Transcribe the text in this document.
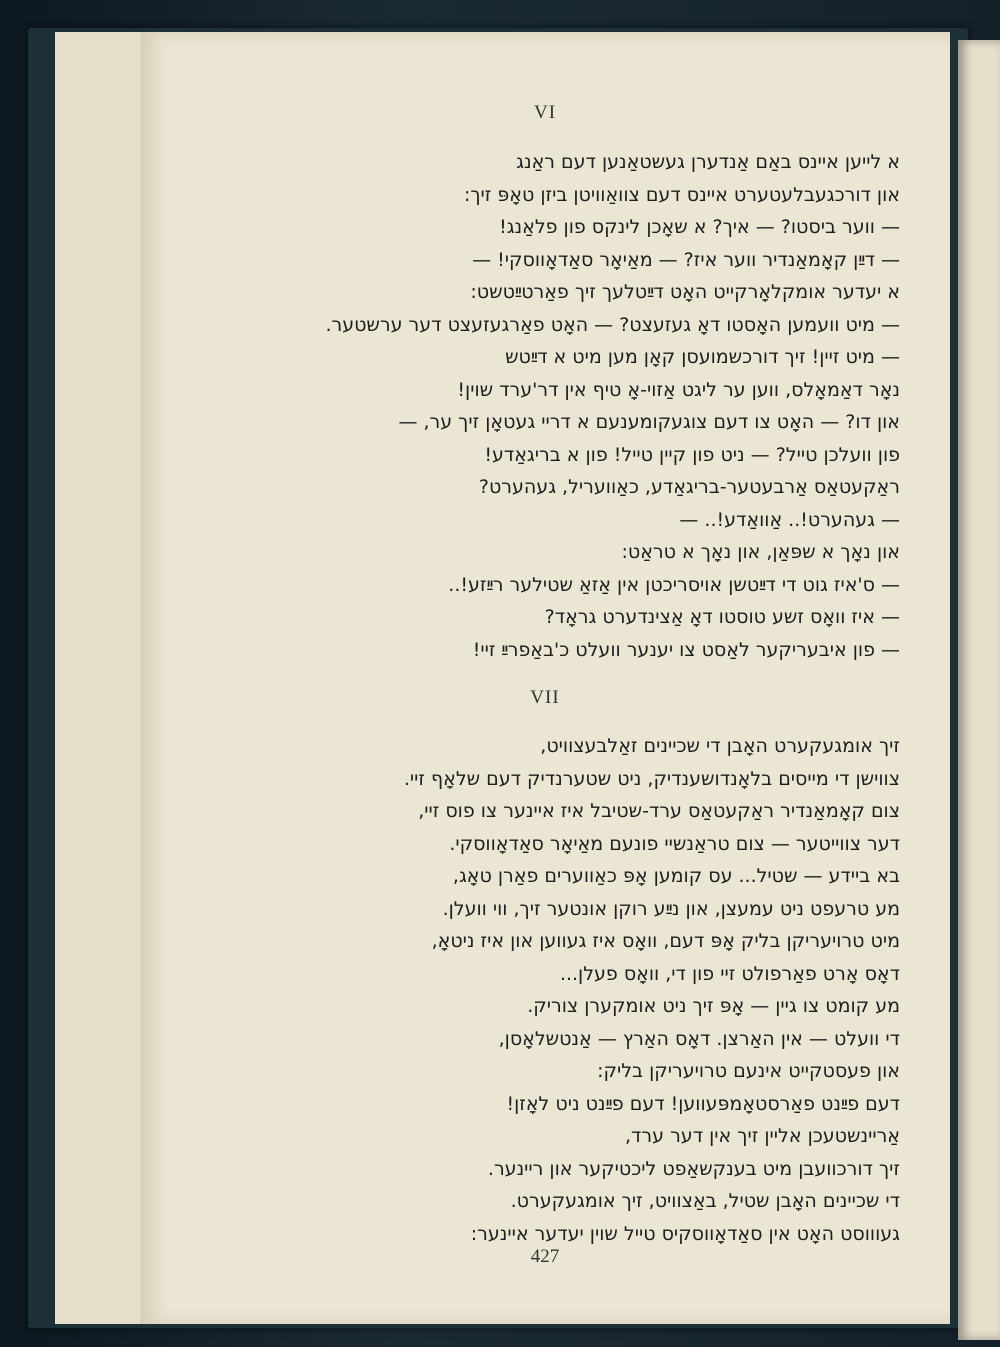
VI
א לייען איינס באַם אַנדערן געשטאַנען דעם ראַנג
און דורכגעבלעטערט איינס דעם צוואַוויטן ביזן טאָפּ זיך:
— ווער ביסטו? — איך? א שאָכן לינקס פון פלאַנג!
— דײַן קאָמאַנדיר ווער איז? — מאַיאָר סאַדאָווסקי! —
א יעדער אומקלאָרקייט האָט דײַטלעך זיך פאַרטײַטשט:
— מיט וועמען האָסטו דאָ געזעצט? — האָט פאַרגעזעצט דער ערשטער.
— מיט זיין! זיך דורכשמועסן קאָן מען מיט א דײַטש
נאָר דאַמאָלס, ווען ער ליגט אַזוי-אָ טיף אין דר'ערד שוין!
און דו? — האָט צו דעם צוגעקומענעם א דריי געטאָן זיך ער, —
פון וועלכן טייל? — ניט פון קיין טייל! פון א בריגאַדע!
ראַקעטאַס אַרבעטער-בריגאַדע, כאַוועריל, געהערט?
— געהערט!.. אַוואַדע!.. —
און נאָך א שפּאַן, און נאָך א טראַט:
— ס'איז גוט די דײַטשן אויסריכטן אין אַזאַ שטילער רײַזע!..
— איז וואָס זשע טוסטו דאָ אַצינדערט גראָד?
— פון איבעריקער לאַסט צו יענער וועלט כ'באַפרײַ זיי!
VII
זיך אומגעקערט האָבן די שכיינים זאַלבעצוויט,
צווישן די מייסים בלאָנדושענדיק, ניט שטערנדיק דעם שלאָף זיי.
צום קאָמאַנדיר ראַקעטאַס ערד-שטיבל איז איינער צו פוס זיי,
דער צווייטער — צום טראַנשיי פונעם מאַיאָר סאַדאָווסקי.
בא ביידע — שטיל... עס קומען אָפּ כאַווערים פאַרן טאָג,
מע טרעפט ניט עמעצן, און נײַע רוקן אונטער זיך, ווי וועלן.
מיט טרויעריקן בליק אָפּ דעם, וואָס איז געווען און איז ניטאָ,
דאָס אָרט פאַרפולט זיי פון די, וואָס פעלן...
מע קומט צו גיין — אָפּ זיך ניט אומקערן צוריק.
די וועלט — אין האַרצן. דאָס האַרץ — אַנטשלאָסן,
און פעסטקייט אינעם טרויעריקן בליק:
דעם פײַנט פאַרסטאָמפּעווען! דעם פײַנט ניט לאָזן!
אַריינשטעכן אליין זיך אין דער ערד,
זיך דורכוועבן מיט בענקשאַפט ליכטיקער און ריינער.
די שכיינים האָבן שטיל, באַצוויט, זיך אומגעקערט.
געוווסט האָט אין סאַדאָווסקיס טייל שוין יעדער איינער:
427
